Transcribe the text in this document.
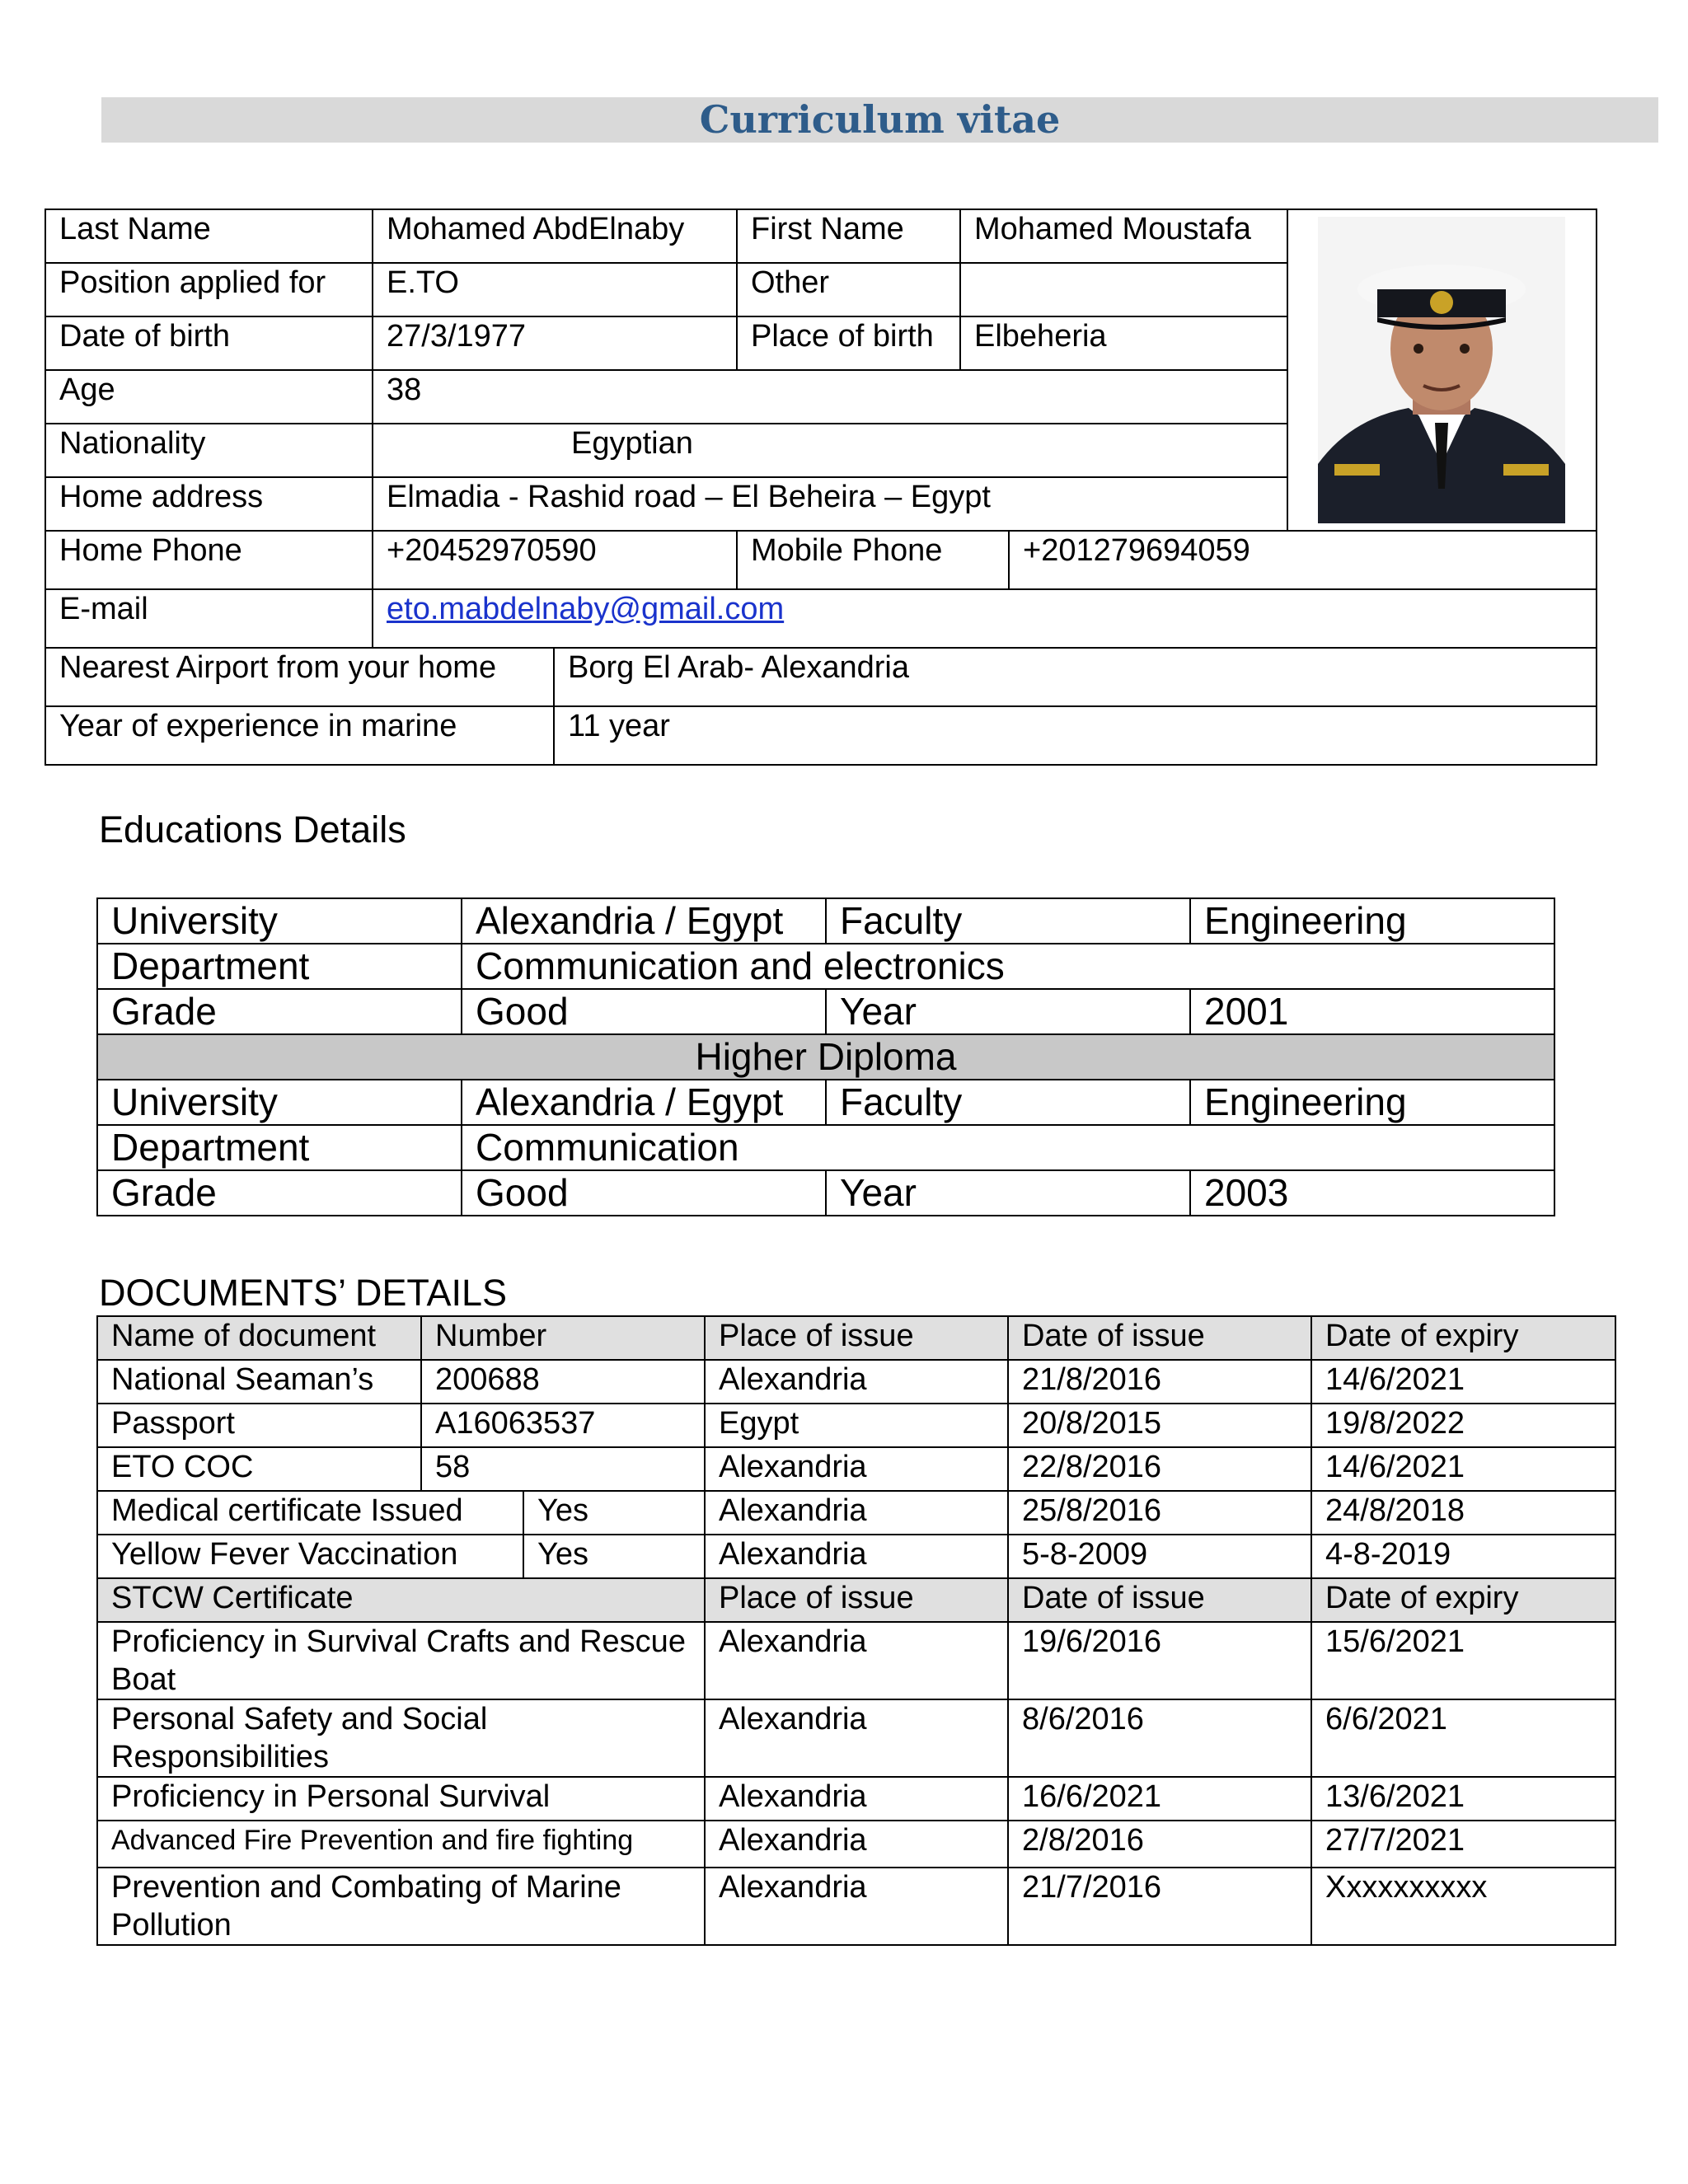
Curriculum vitae
Last Name	Mohamed AbdElnaby		First Name	Mohamed Moustafa	

Position applied for	E.TO		Other			
Date of birth	27/3/1977		Place of birth	Elbeheria		
Age	38					
Nationality	Egyptian					
Home address	Elmadia - Rashid road – El Beheira – Egypt					
Home Phone	+20452970590		Mobile Phone		+201279694059	
E-mail	eto.mabdelnaby@gmail.com					
Nearest Airport from your home		Borg El Arab- Alexandria				
Year of experience in marine		11 year				
Educations Details
University	Alexandria / Egypt	Faculty	Engineering
Department	Communication and electronics		
Grade	Good	Year	2001
Higher Diploma			
University	Alexandria / Egypt	Faculty	Engineering
Department	Communication		
Grade	Good	Year	2003
DOCUMENTS’ DETAILS
Name of document	Number		Place of issue	Date of issue	Date of expiry
National Seaman’s	200688		Alexandria	21/8/2016	14/6/2021
Passport	A16063537		Egypt	20/8/2015	19/8/2022
ETO COC	58		Alexandria	22/8/2016	14/6/2021
Medical certificate Issued		Yes	Alexandria	25/8/2016	24/8/2018
Yellow Fever Vaccination		Yes	Alexandria	5-8-2009	4-8-2019
STCW Certificate			Place of issue	Date of issue	Date of expiry
Proficiency in Survival Crafts and Rescue Boat			Alexandria	19/6/2016	15/6/2021
Personal Safety and Social Responsibilities			Alexandria	8/6/2016	6/6/2021
Proficiency in Personal Survival			Alexandria	16/6/2021	13/6/2021
Advanced Fire Prevention and fire fighting			Alexandria	2/8/2016	27/7/2021
Prevention and Combating of Marine Pollution			Alexandria	21/7/2016	Xxxxxxxxxx
